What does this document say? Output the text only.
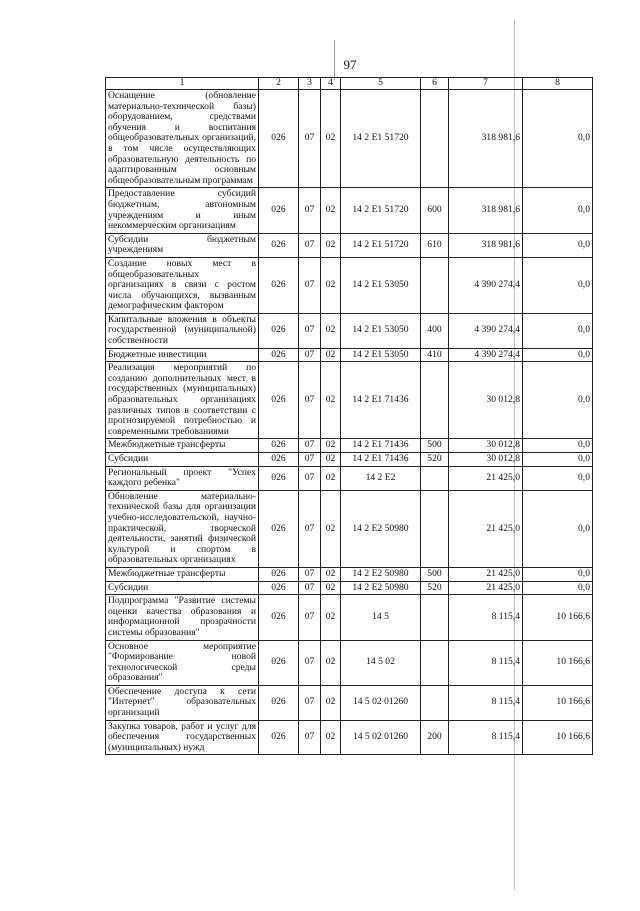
97
1	2	3	4	5	6	7	8
Оснащение (обновление материально-технической базы) оборудованием, средствами обучения и воспитания общеобразовательных организаций, в том числе осуществляющих образовательную деятельность по адаптированным основным общеобразовательным программам	026	07	02	14 2 E1 51720		318 981,6	0,0
Предоставление субсидий бюджетным, автономным учреждениям и иным некоммерческим организациям	026	07	02	14 2 E1 51720	600	318 981,6	0,0
Субсидии бюджетным учреждениям	026	07	02	14 2 E1 51720	610	318 981,6	0,0
Создание новых мест в общеобразовательных организациях в связи с ростом числа обучающихся, вызванным демографическим фактором	026	07	02	14 2 E1 53050		4 390 274,4	0,0
Капитальные вложения в объекты государственной (муниципальной) собственности	026	07	02	14 2 E1 53050	400	4 390 274,4	0,0
Бюджетные инвестиции	026	07	02	14 2 E1 53050	410	4 390 274,4	0,0
Реализация мероприятий по созданию дополнительных мест в государственных (муниципальных) образовательных организациях различных типов в соответствии с прогнозируемой потребностью и современными требованиями	026	07	02	14 2 E1 71436		30 012,8	0,0
Межбюджетные трансферты	026	07	02	14 2 E1 71436	500	30 012,8	0,0
Субсидии	026	07	02	14 2 E1 71436	520	30 012,8	0,0
Региональный проект "Успех каждого ребенка"	026	07	02	14 2 E2		21 425,0	0,0
Обновление материально-технической базы для организации учебно-исследовательской, научно-практической, творческой деятельности, занятий физической культурой и спортом в образовательных организациях	026	07	02	14 2 E2 50980		21 425,0	0,0
Межбюджетные трансферты	026	07	02	14 2 E2 50980	500	21 425,0	0,0
Субсидии	026	07	02	14 2 E2 50980	520	21 425,0	0,0
Подпрограмма "Развитие системы оценки качества образования и информационной прозрачности системы образования"	026	07	02	14 5		8 115,4	10 166,6
Основное мероприятие "Формирование новой технологической среды образования"	026	07	02	14 5 02		8 115,4	10 166,6
Обеспечение доступа к сети "Интернет" образовательных организаций	026	07	02	14 5 02 01260		8 115,4	10 166,6
Закупка товаров, работ и услуг для обеспечения государственных (муниципальных) нужд	026	07	02	14 5 02 01260	200	8 115,4	10 166,6
